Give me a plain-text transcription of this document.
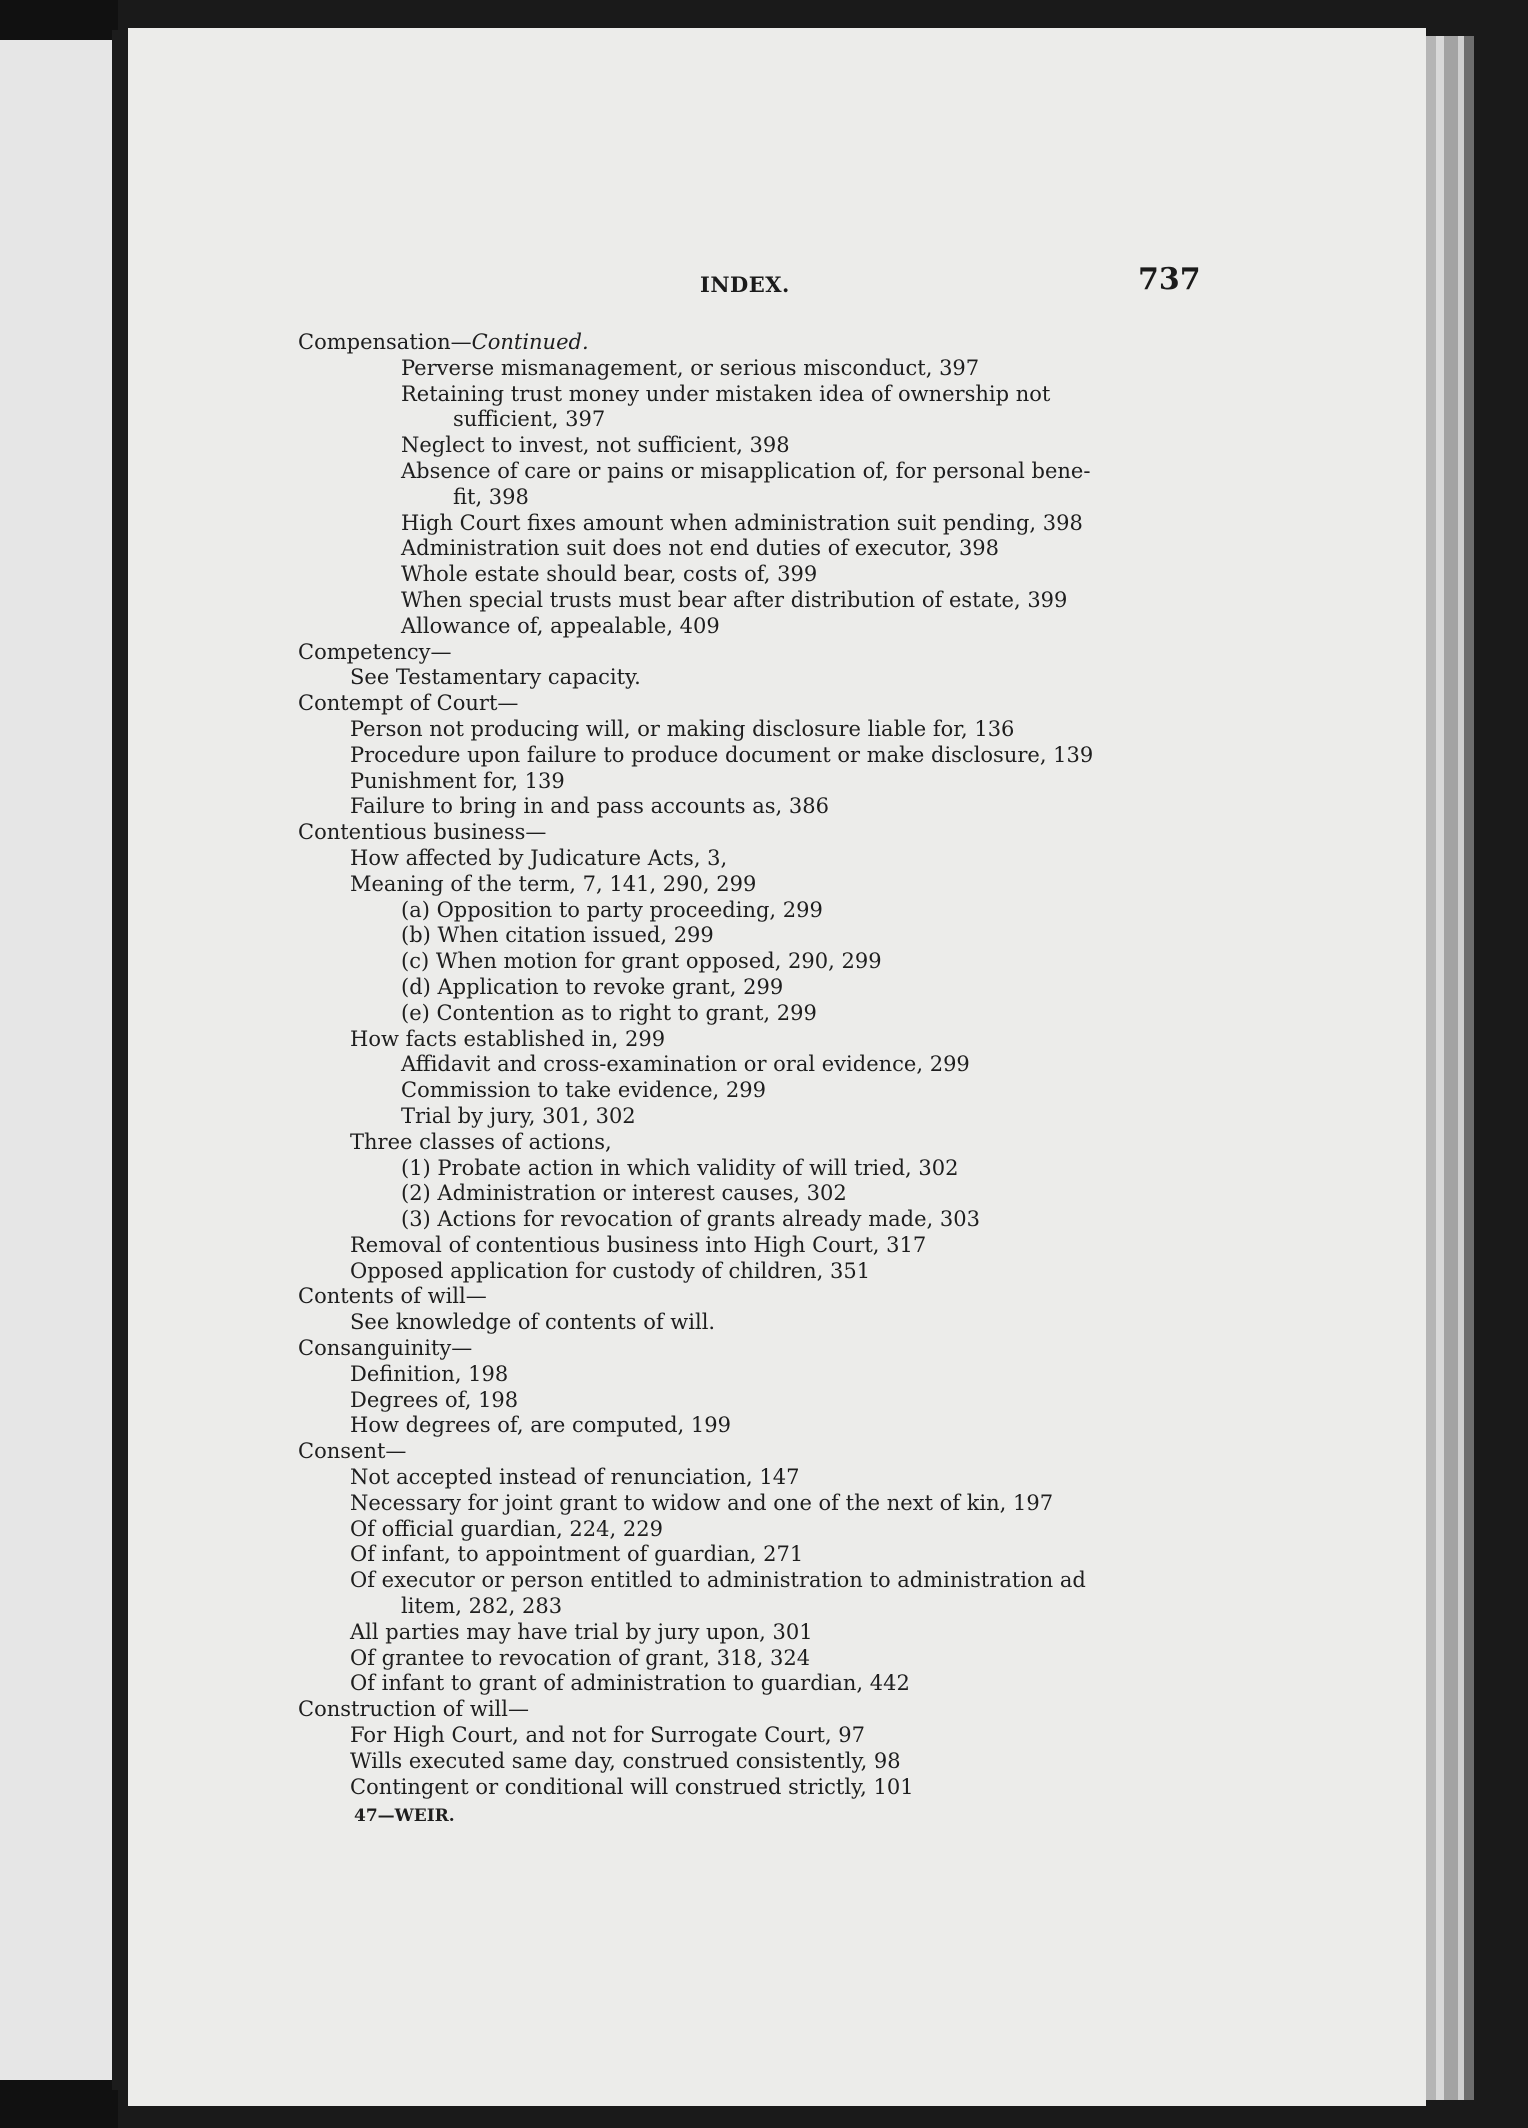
INDEX.	737
Compensation—Continued.
Perverse mismanagement, or serious misconduct, 397
Retaining trust money under mistaken idea of ownership not
sufficient, 397
Neglect to invest, not sufficient, 398
Absence of care or pains or misapplication of, for personal bene-
fit, 398
High Court fixes amount when administration suit pending, 398
Administration suit does not end duties of executor, 398
Whole estate should bear, costs of, 399
When special trusts must bear after distribution of estate, 399
Allowance of, appealable, 409
Competency—
See Testamentary capacity.
Contempt of Court—
Person not producing will, or making disclosure liable for, 136
Procedure upon failure to produce document or make disclosure, 139
Punishment for, 139
Failure to bring in and pass accounts as, 386
Contentious business—
How affected by Judicature Acts, 3,
Meaning of the term, 7, 141, 290, 299
(a) Opposition to party proceeding, 299
(b) When citation issued, 299
(c) When motion for grant opposed, 290, 299
(d) Application to revoke grant, 299
(e) Contention as to right to grant, 299
How facts established in, 299
Affidavit and cross-examination or oral evidence, 299
Commission to take evidence, 299
Trial by jury, 301, 302
Three classes of actions,
(1) Probate action in which validity of will tried, 302
(2) Administration or interest causes, 302
(3) Actions for revocation of grants already made, 303
Removal of contentious business into High Court, 317
Opposed application for custody of children, 351
Contents of will—
See knowledge of contents of will.
Consanguinity—
Definition, 198
Degrees of, 198
How degrees of, are computed, 199
Consent—
Not accepted instead of renunciation, 147
Necessary for joint grant to widow and one of the next of kin, 197
Of official guardian, 224, 229
Of infant, to appointment of guardian, 271
Of executor or person entitled to administration to administration ad
litem, 282, 283
All parties may have trial by jury upon, 301
Of grantee to revocation of grant, 318, 324
Of infant to grant of administration to guardian, 442
Construction of will—
For High Court, and not for Surrogate Court, 97
Wills executed same day, construed consistently, 98
Contingent or conditional will construed strictly, 101
47—WEIR.
